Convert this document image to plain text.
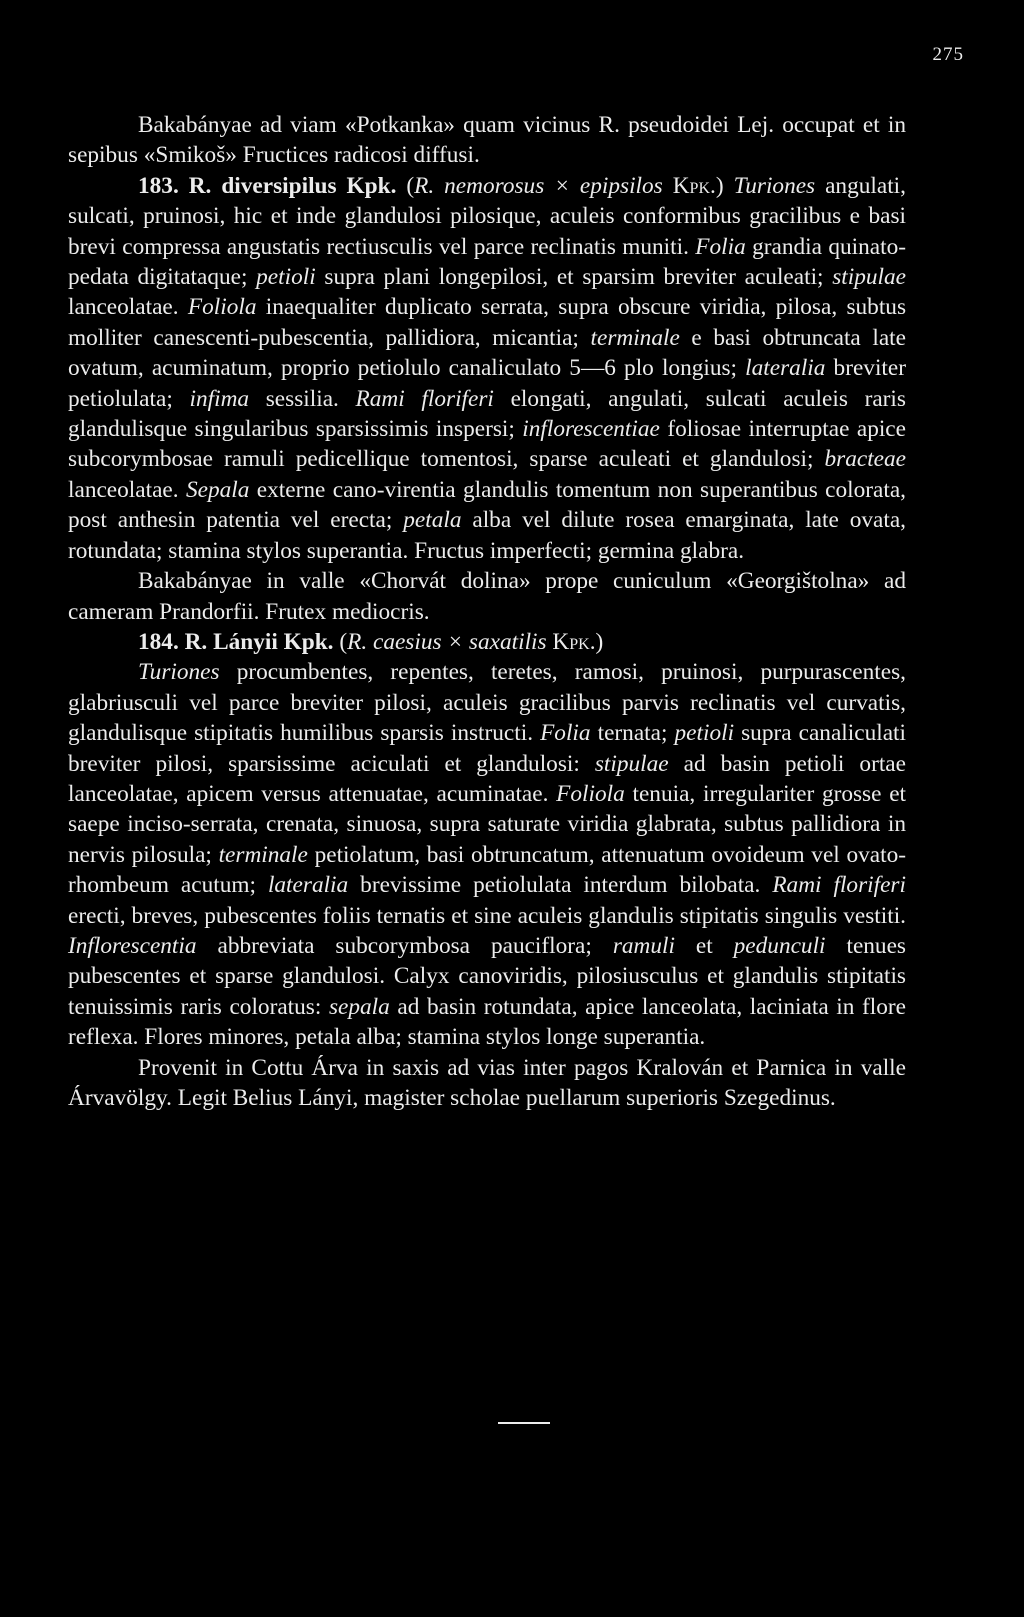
275

Bakabányae ad viam «Potkanka» quam vicinus R. pseudoidei Lej. occupat et in sepibus «Smikoš» Fructices radicosi diffusi.

183. R. diversipilus Kpk. (R. nemorosus × epipsilos Kpk.) Turiones angulati, sulcati, pruinosi, hic et inde glandulosi pilosique, aculeis conformibus gracilibus e basi brevi compressa angustatis rectiusculis vel parce reclinatis muniti. Folia grandia quinato-pedata digitataque; petioli supra plani longepilosi, et sparsim breviter aculeati; stipulae lanceolatae. Foliola inaequaliter duplicato serrata, supra obscure viridia, pilosa, subtus molliter canescenti-pubescentia, pallidiora, micantia; terminale e basi obtruncata late ovatum, acuminatum, proprio petiolulo canaliculato 5—6 plo longius; lateralia breviter petiolulata; infima sessilia. Rami floriferi elongati, angulati, sulcati aculeis raris glandulisque singularibus sparsissimis inspersi; inflorescentiae foliosae interruptae apice subcorymbosae ramuli pedicellique tomentosi, sparse aculeati et glandulosi; bracteae lanceolatae. Sepala externe cano-virentia glandulis tomentum non superantibus colorata, post anthesin patentia vel erecta; petala alba vel dilute rosea emarginata, late ovata, rotundata; stamina stylos superantia. Fructus imperfecti; germina glabra.

Bakabányae in valle «Chorvát dolina» prope cuniculum «Georgištolna» ad cameram Prandorfii. Frutex mediocris.

184. R. Lányii Kpk. (R. caesius × saxatilis Kpk.)

Turiones procumbentes, repentes, teretes, ramosi, pruinosi, purpurascentes, glabriusculi vel parce breviter pilosi, aculeis gracilibus parvis reclinatis vel curvatis, glandulisque stipitatis humilibus sparsis instructi. Folia ternata; petioli supra canaliculati breviter pilosi, sparsissime aciculati et glandulosi: stipulae ad basin petioli ortae lanceolatae, apicem versus attenuatae, acuminatae. Foliola tenuia, irregulariter grosse et saepe inciso-serrata, crenata, sinuosa, supra saturate viridia glabrata, subtus pallidiora in nervis pilosula; terminale petiolatum, basi obtruncatum, attenuatum ovoideum vel ovato-rhombeum acutum; lateralia brevissime petiolulata interdum bilobata. Rami floriferi erecti, breves, pubescentes foliis ternatis et sine aculeis glandulis stipitatis singulis vestiti. Inflorescentia abbreviata subcorymbosa pauciflora; ramuli et pedunculi tenues pubescentes et sparse glandulosi. Calyx canoviridis, pilosiusculus et glandulis stipitatis tenuissimis raris coloratus: sepala ad basin rotundata, apice lanceolata, laciniata in flore reflexa. Flores minores, petala alba; stamina stylos longe superantia.

Provenit in Cottu Árva in saxis ad vias inter pagos Kralován et Parnica in valle Árvavölgy. Legit Belius Lányi, magister scholae puellarum superioris Szegedinus.
